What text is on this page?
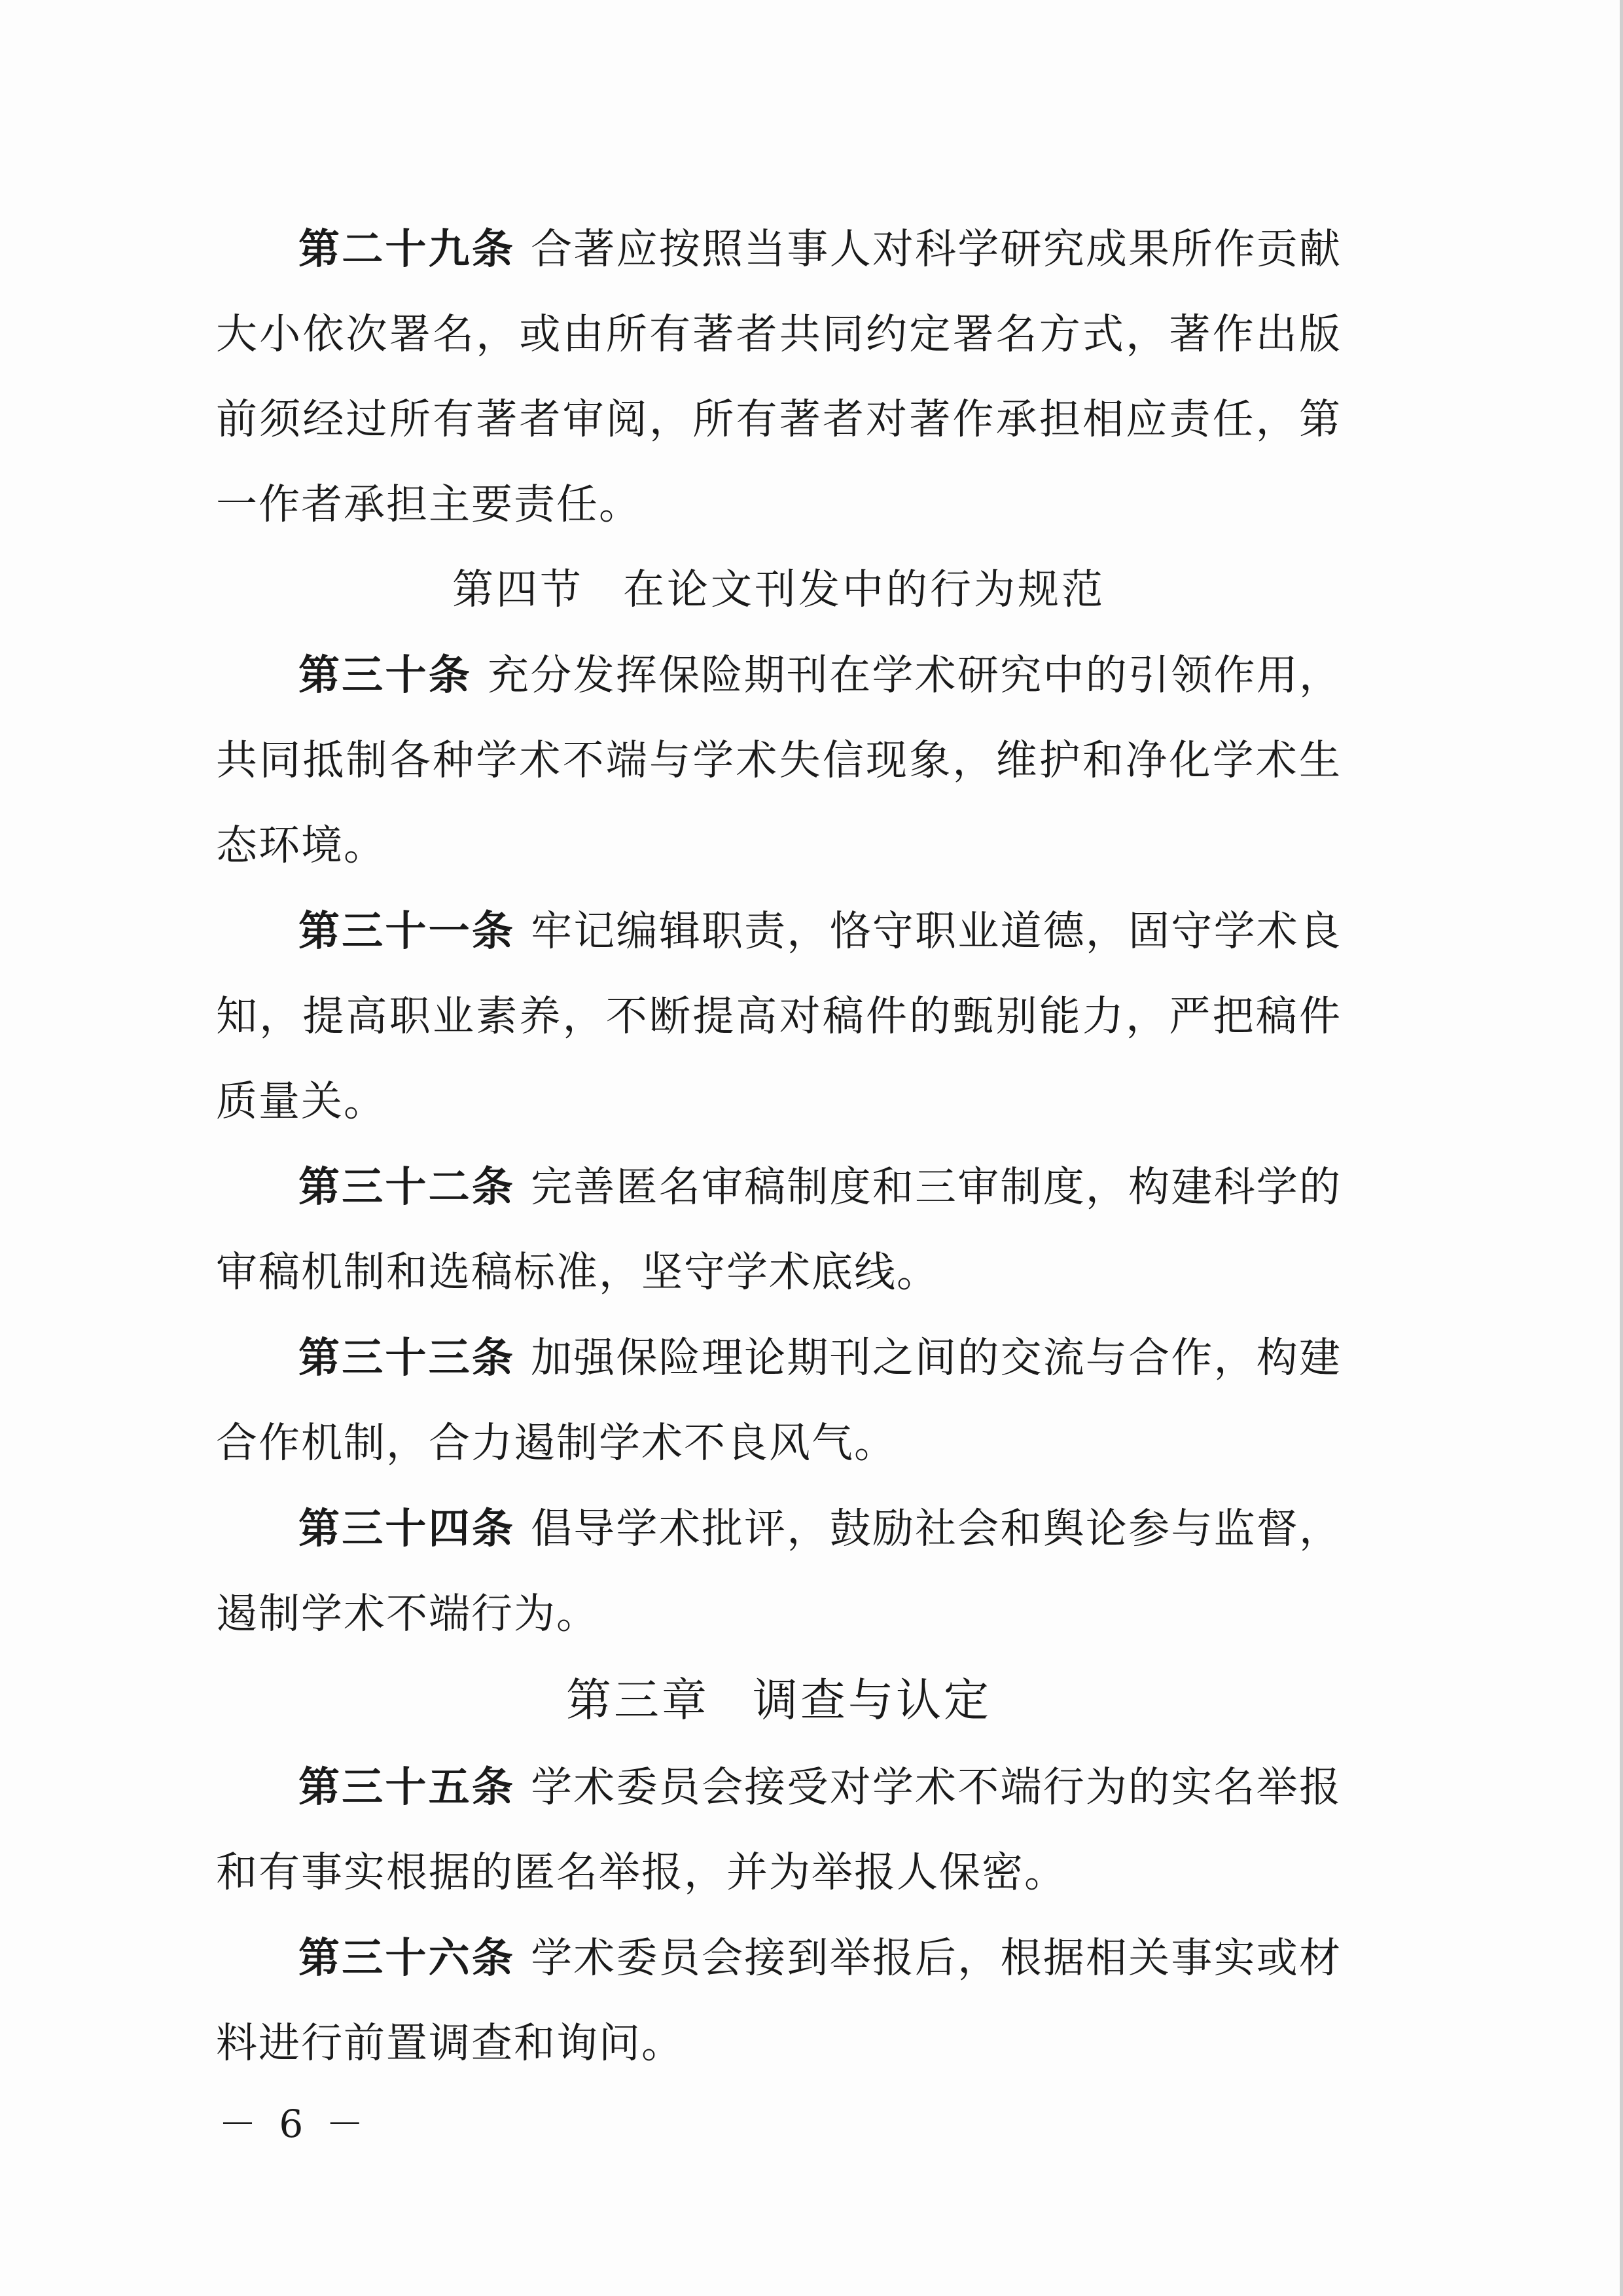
第二十九条 合著应按照当事人对科学研究成果所作贡献大小依次署名，或由所有著者共同约定署名方式，著作出版前须经过所有著者审阅，所有著者对著作承担相应责任，第一作者承担主要责任。

第四节 在论文刊发中的行为规范

第三十条 充分发挥保险期刊在学术研究中的引领作用，共同抵制各种学术不端与学术失信现象，维护和净化学术生态环境。

第三十一条 牢记编辑职责，恪守职业道德，固守学术良知，提高职业素养，不断提高对稿件的甄别能力，严把稿件质量关。

第三十二条 完善匿名审稿制度和三审制度，构建科学的审稿机制和选稿标准，坚守学术底线。

第三十三条 加强保险理论期刊之间的交流与合作，构建合作机制，合力遏制学术不良风气。

第三十四条 倡导学术批评，鼓励社会和舆论参与监督，遏制学术不端行为。

第三章 调查与认定

第三十五条 学术委员会接受对学术不端行为的实名举报和有事实根据的匿名举报，并为举报人保密。

第三十六条 学术委员会接到举报后，根据相关事实或材料进行前置调查和询问。

－ 6 －
